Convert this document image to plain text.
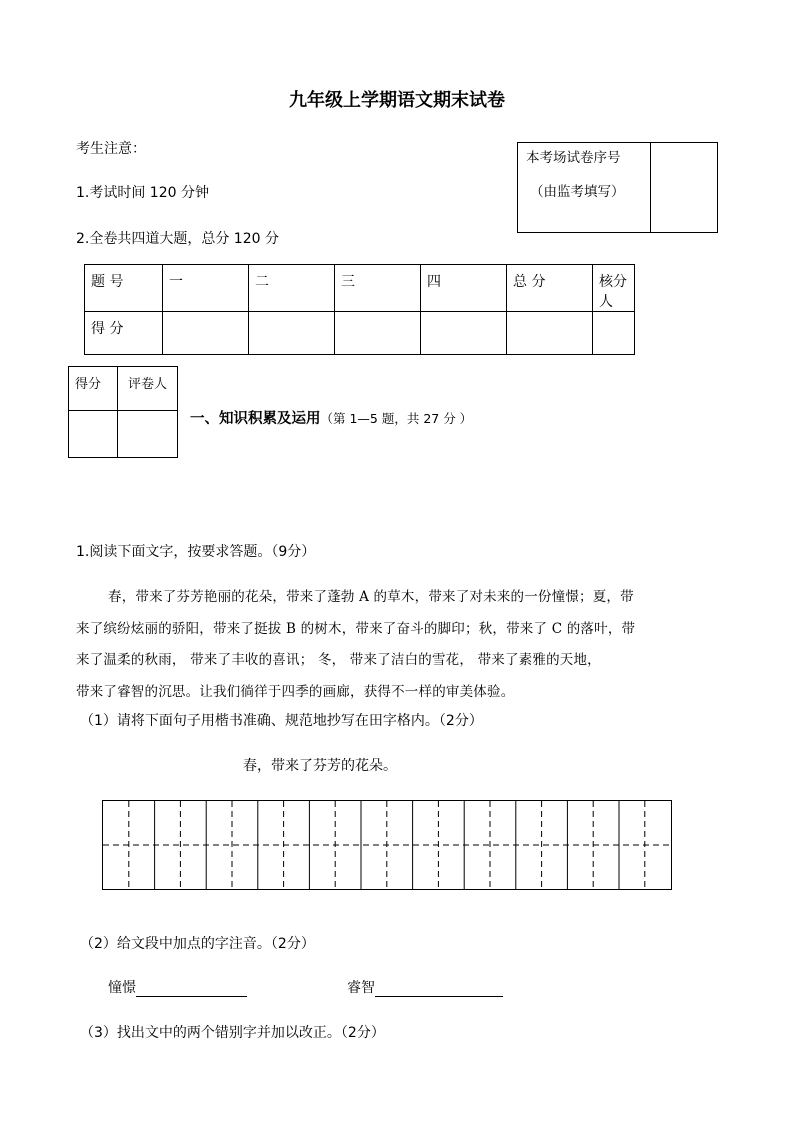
九年级上学期语文期末试卷
考生注意：
1.考试时间 120 分钟
2.全卷共四道大题，总分 120 分
本考场试卷序号
（由监考填写）

题 号	一	二	三	四	总 分	核分人
得 分						
得分	评卷人

一、知识积累及运用（第 1—5 题，共 27 分 ）
1.阅读下面文字，按要求答题。（9分）
春，带来了芬芳艳丽的花朵，带来了蓬勃 A 的草木，带来了对未来的一份憧憬；夏，带
来了缤纷炫丽的骄阳，带来了挺拔 B 的树木，带来了奋斗的脚印；秋，带来了 C 的落叶，带
来了温柔的秋雨， 带来了丰收的喜讯； 冬， 带来了洁白的雪花， 带来了素雅的天地，
带来了睿智的沉思。让我们徜徉于四季的画廊，获得不一样的审美体验。
（1）请将下面句子用楷书准确、规范地抄写在田字格内。（2分）
春，带来了芬芳的花朵。
（2）给文段中加点的字注音。（2分）
憧憬	睿智
（3）找出文中的两个错别字并加以改正。（2分）
